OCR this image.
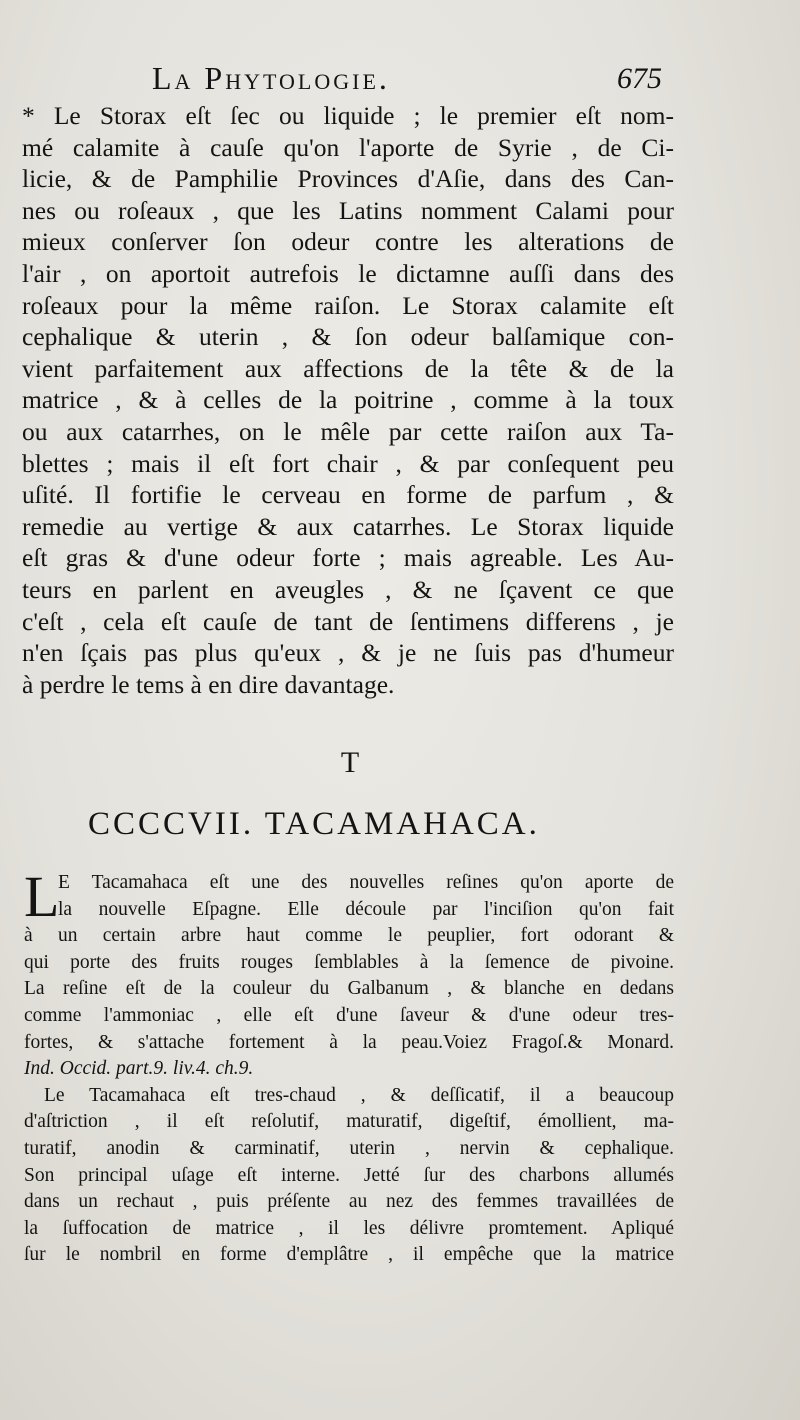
La Phytologie.	675
* Le Storax eſt ſec ou liquide ; le premier eſt nom-
mé calamite à cauſe qu'on l'aporte de Syrie , de Ci-
licie, & de Pamphilie Provinces d'Aſie, dans des Can-
nes ou roſeaux , que les Latins nomment Calami pour
mieux conſerver ſon odeur contre les alterations de
l'air , on aportoit autrefois le dictamne auſſi dans des
roſeaux pour la même raiſon. Le Storax calamite eſt
cephalique & uterin , & ſon odeur balſamique con-
vient parfaitement aux affections de la tête & de la
matrice , & à celles de la poitrine , comme à la toux
ou aux catarrhes, on le mêle par cette raiſon aux Ta-
blettes ; mais il eſt fort chair , & par conſequent peu
uſité. Il fortifie le cerveau en forme de parfum , &
remedie au vertige & aux catarrhes. Le Storax liquide
eſt gras & d'une odeur forte ; mais agreable. Les Au-
teurs en parlent en aveugles , & ne ſçavent ce que
c'eſt , cela eſt cauſe de tant de ſentimens differens , je
n'en ſçais pas plus qu'eux , & je ne ſuis pas d'humeur
à perdre le tems à en dire davantage.
T
CCCCVII. TACAMAHACA.
L
E Tacamahaca eſt une des nouvelles reſines qu'on aporte de
la nouvelle Eſpagne. Elle découle par l'inciſion qu'on fait
à un certain arbre haut comme le peuplier, fort odorant &
qui porte des fruits rouges ſemblables à la ſemence de pivoine.
La reſine eſt de la couleur du Galbanum , & blanche en dedans
comme l'ammoniac , elle eſt d'une ſaveur & d'une odeur tres-
fortes, & s'attache fortement à la peau.Voiez Fragoſ.& Monard.
Ind. Occid. part.9. liv.4. ch.9.
Le Tacamahaca eſt tres-chaud , & deſſicatif, il a beaucoup
d'aſtriction , il eſt reſolutif, maturatif, digeſtif, émollient, ma-
turatif, anodin & carminatif, uterin , nervin & cephalique.
Son principal uſage eſt interne. Jetté ſur des charbons allumés
dans un rechaut , puis préſente au nez des femmes travaillées de
la ſuffocation de matrice , il les délivre promtement. Apliqué
ſur le nombril en forme d'emplâtre , il empêche que la matrice
